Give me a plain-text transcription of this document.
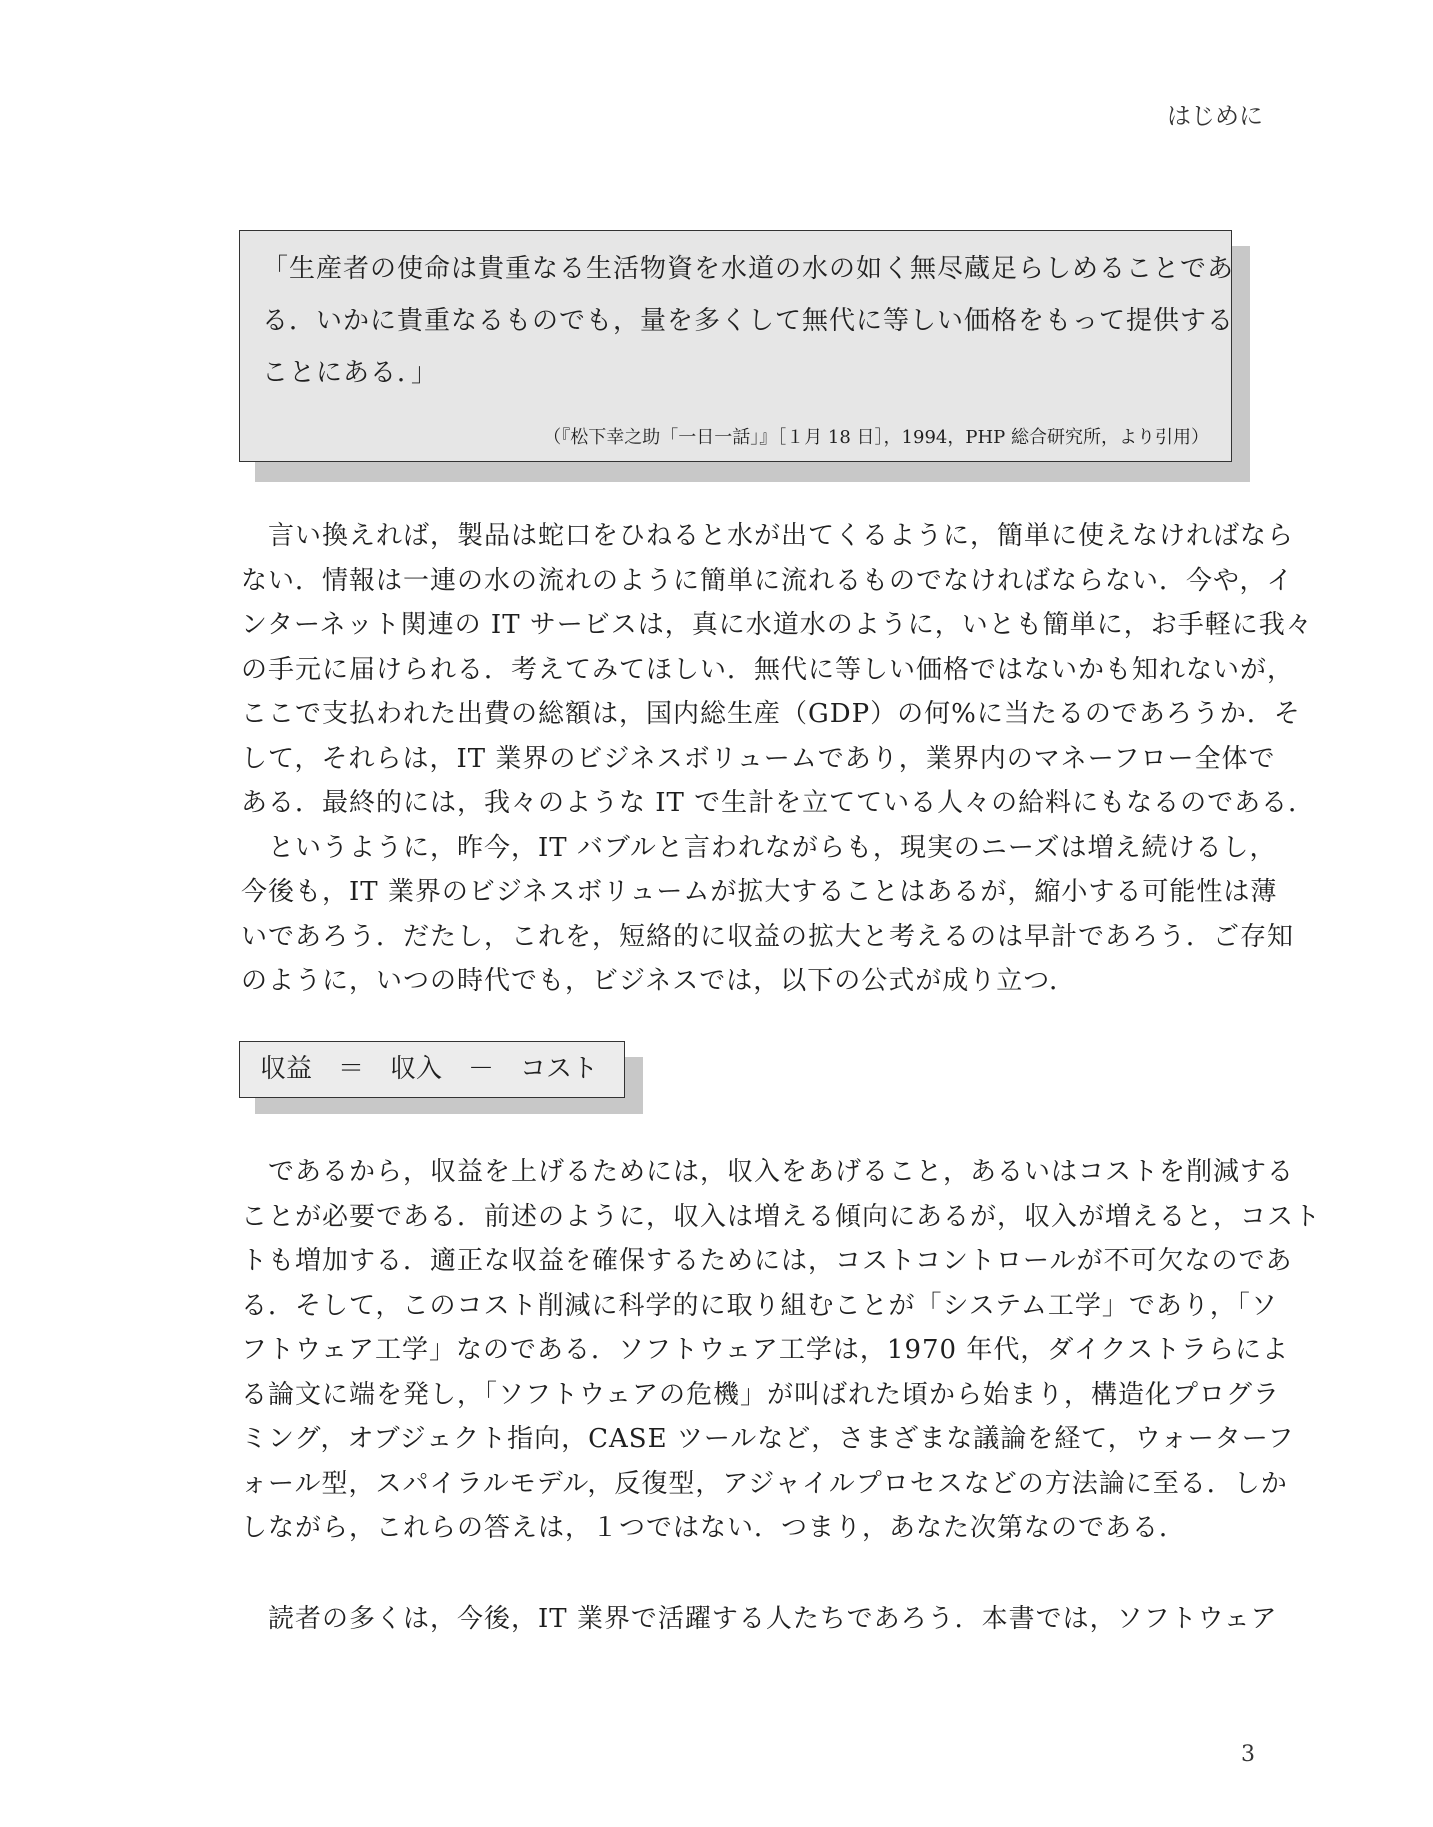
はじめに
「生産者の使命は貴重なる生活物資を水道の水の如く無尽蔵足らしめることであ
る．いかに貴重なるものでも，量を多くして無代に等しい価格をもって提供する
ことにある．」
（『松下幸之助「一日一話」』［１月 18 日］，1994，PHP 総合研究所，より引用）
言い換えれば，製品は蛇口をひねると水が出てくるように，簡単に使えなければなら
ない．情報は一連の水の流れのように簡単に流れるものでなければならない．今や，イ
ンターネット関連の IT サービスは，真に水道水のように，いとも簡単に，お手軽に我々
の手元に届けられる．考えてみてほしい．無代に等しい価格ではないかも知れないが，
ここで支払われた出費の総額は，国内総生産（GDP）の何%に当たるのであろうか．そ
して，それらは，IT 業界のビジネスボリュームであり，業界内のマネーフロー全体で
ある．最終的には，我々のような IT で生計を立てている人々の給料にもなるのである．
というように，昨今，IT バブルと言われながらも，現実のニーズは増え続けるし，
今後も，IT 業界のビジネスボリュームが拡大することはあるが，縮小する可能性は薄
いであろう．だたし，これを，短絡的に収益の拡大と考えるのは早計であろう．ご存知
のように，いつの時代でも，ビジネスでは，以下の公式が成り立つ．
収益　＝　収入　－　コスト
であるから，収益を上げるためには，収入をあげること，あるいはコストを削減する
ことが必要である．前述のように，収入は増える傾向にあるが，収入が増えると，コスト
トも増加する．適正な収益を確保するためには，コストコントロールが不可欠なのであ
る．そして，このコスト削減に科学的に取り組むことが「システム工学」であり，「ソ
フトウェア工学」なのである．ソフトウェア工学は，1970 年代，ダイクストラらによ
る論文に端を発し，「ソフトウェアの危機」が叫ばれた頃から始まり，構造化プログラ
ミング，オブジェクト指向，CASE ツールなど，さまざまな議論を経て，ウォーターフ
ォール型，スパイラルモデル，反復型，アジャイルプロセスなどの方法論に至る．しか
しながら，これらの答えは，１つではない．つまり，あなた次第なのである．
読者の多くは，今後，IT 業界で活躍する人たちであろう．本書では，ソフトウェア
3
